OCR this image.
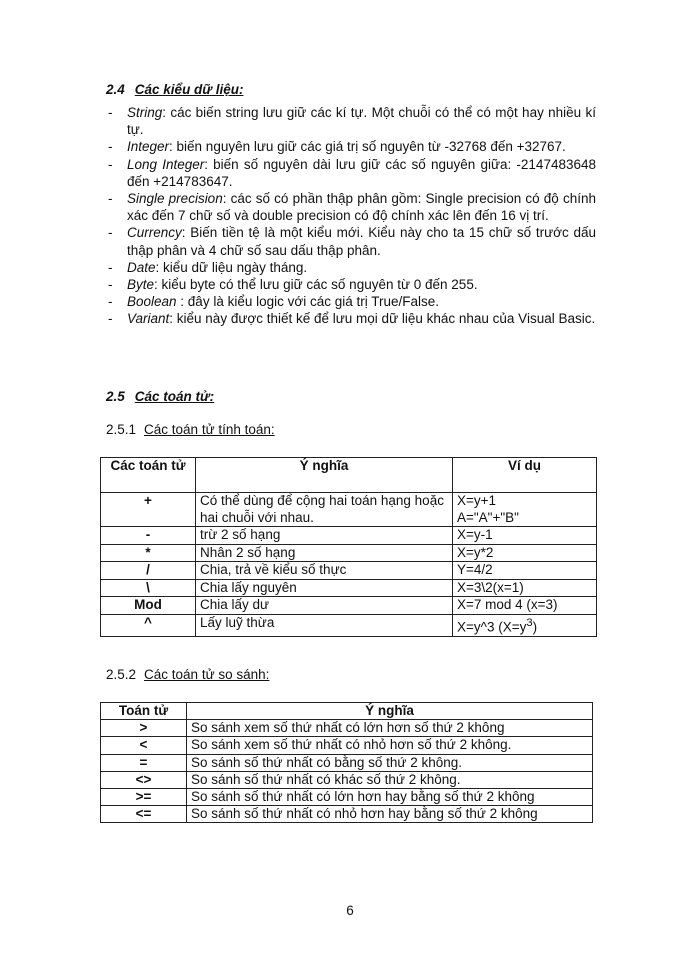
2.4 Các kiểu dữ liệu:
- String: các biến string lưu giữ các kí tự. Một chuỗi có thể có một hay nhiều kí tự.
- Integer: biến nguyên lưu giữ các giá trị số nguyên từ -32768 đến +32767.
- Long Integer: biến số nguyên dài lưu giữ các số nguyên giữa: -2147483648 đến +214783647.
- Single precision: các số có phần thập phân gồm: Single precision có độ chính xác đến 7 chữ số và double precision có độ chính xác lên đến 16 vị trí.
- Currency: Biến tiền tệ là một kiểu mới. Kiểu này cho ta 15 chữ số trước dấu thập phân và 4 chữ số sau dấu thập phân.
- Date: kiểu dữ liệu ngày tháng.
- Byte: kiểu byte có thể lưu giữ các số nguyên từ 0 đến 255.
- Boolean : đây là kiểu logic với các giá trị True/False.
- Variant: kiểu này được thiết kế để lưu mọi dữ liệu khác nhau của Visual Basic.
2.5 Các toán tử:
2.5.1 Các toán tử tính toán:
Các toán tử	Ý nghĩa	Ví dụ
+	Có thể dùng để cộng hai toán hạng hoặc hai chuỗi với nhau.	X=y+1
A="A"+"B"
-	trừ 2 số hạng	X=y-1
*	Nhân 2 số hạng	X=y*2
/	Chia, trả về kiểu số thực	Y=4/2
\	Chia lấy nguyên	X=3\2(x=1)
Mod	Chia lấy dư	X=7 mod 4 (x=3)
^	Lấy luỹ thừa	X=y^3 $(X=y^3)$
2.5.2 Các toán tử so sánh:
Toán tử	Ý nghĩa
>	So sánh xem số thứ nhất có lớn hơn số thứ 2 không
<	So sánh xem số thứ nhất có nhỏ hơn số thứ 2 không.
=	So sánh số thứ nhất có bằng số thứ 2 không.
<>	So sánh số thứ nhất có khác số thứ 2 không.
>=	So sánh số thứ nhất có lớn hơn hay bằng số thứ 2 không
<=	So sánh số thứ nhất có nhỏ hơn hay bằng số thứ 2 không
6
